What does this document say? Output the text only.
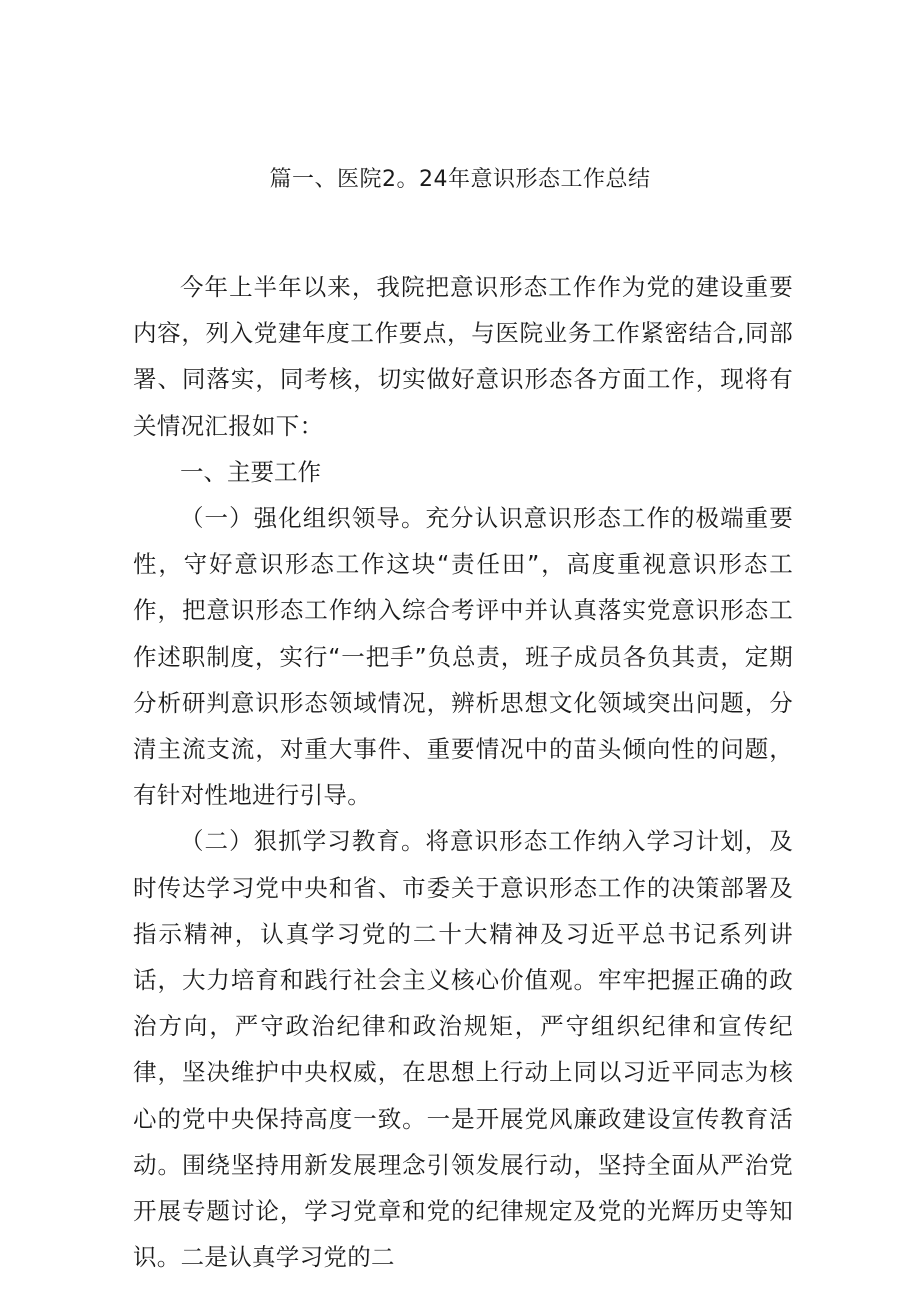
篇一、医院2。24年意识形态工作总结

今年上半年以来，我院把意识形态工作作为党的建设重要内容，列入党建年度工作要点，与医院业务工作紧密结合,同部署、同落实，同考核，切实做好意识形态各方面工作，现将有关情况汇报如下：

一、主要工作

（一）强化组织领导。充分认识意识形态工作的极端重要性，守好意识形态工作这块“责任田”，高度重视意识形态工作，把意识形态工作纳入综合考评中并认真落实党意识形态工作述职制度，实行“一把手”负总责，班子成员各负其责，定期分析研判意识形态领域情况，辨析思想文化领域突出问题，分清主流支流，对重大事件、重要情况中的苗头倾向性的问题，有针对性地进行引导。

（二）狠抓学习教育。将意识形态工作纳入学习计划，及时传达学习党中央和省、市委关于意识形态工作的决策部署及指示精神，认真学习党的二十大精神及习近平总书记系列讲话，大力培育和践行社会主义核心价值观。牢牢把握正确的政治方向，严守政治纪律和政治规矩，严守组织纪律和宣传纪律，坚决维护中央权威，在思想上行动上同以习近平同志为核心的党中央保持高度一致。一是开展党风廉政建设宣传教育活动。围绕坚持用新发展理念引领发展行动，坚持全面从严治党开展专题讨论，学习党章和党的纪律规定及党的光辉历史等知识。二是认真学习党的二
